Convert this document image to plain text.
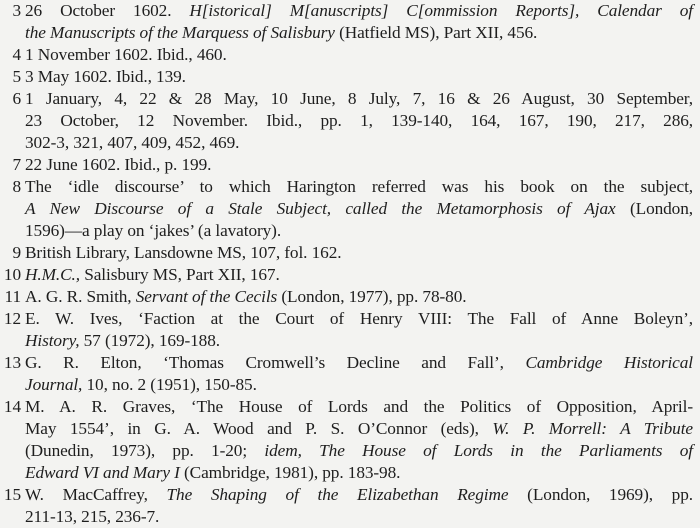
3 26 October 1602. H[istorical] M[anuscripts] C[ommission Reports], Calendar of
the Manuscripts of the Marquess of Salisbury (Hatfield MS), Part XII, 456.
4 1 November 1602. Ibid., 460.
5 3 May 1602. Ibid., 139.
6 1 January, 4, 22 & 28 May, 10 June, 8 July, 7, 16 & 26 August, 30 September,
23 October, 12 November. Ibid., pp. 1, 139-140, 164, 167, 190, 217, 286,
302-3, 321, 407, 409, 452, 469.
7 22 June 1602. Ibid., p. 199.
8 The ‘idle discourse’ to which Harington referred was his book on the subject,
A New Discourse of a Stale Subject, called the Metamorphosis of Ajax (London,
1596)—a play on ‘jakes’ (a lavatory).
9 British Library, Lansdowne MS, 107, fol. 162.
10 H.M.C., Salisbury MS, Part XII, 167.
11 A. G. R. Smith, Servant of the Cecils (London, 1977), pp. 78-80.
12 E. W. Ives, ‘Faction at the Court of Henry VIII: The Fall of Anne Boleyn’,
History, 57 (1972), 169-188.
13 G. R. Elton, ‘Thomas Cromwell’s Decline and Fall’, Cambridge Historical
Journal, 10, no. 2 (1951), 150-85.
14 M. A. R. Graves, ‘The House of Lords and the Politics of Opposition, April-
May 1554’, in G. A. Wood and P. S. O’Connor (eds), W. P. Morrell: A Tribute
(Dunedin, 1973), pp. 1-20; idem, The House of Lords in the Parliaments of
Edward VI and Mary I (Cambridge, 1981), pp. 183-98.
15 W. MacCaffrey, The Shaping of the Elizabethan Regime (London, 1969), pp.
211-13, 215, 236-7.
